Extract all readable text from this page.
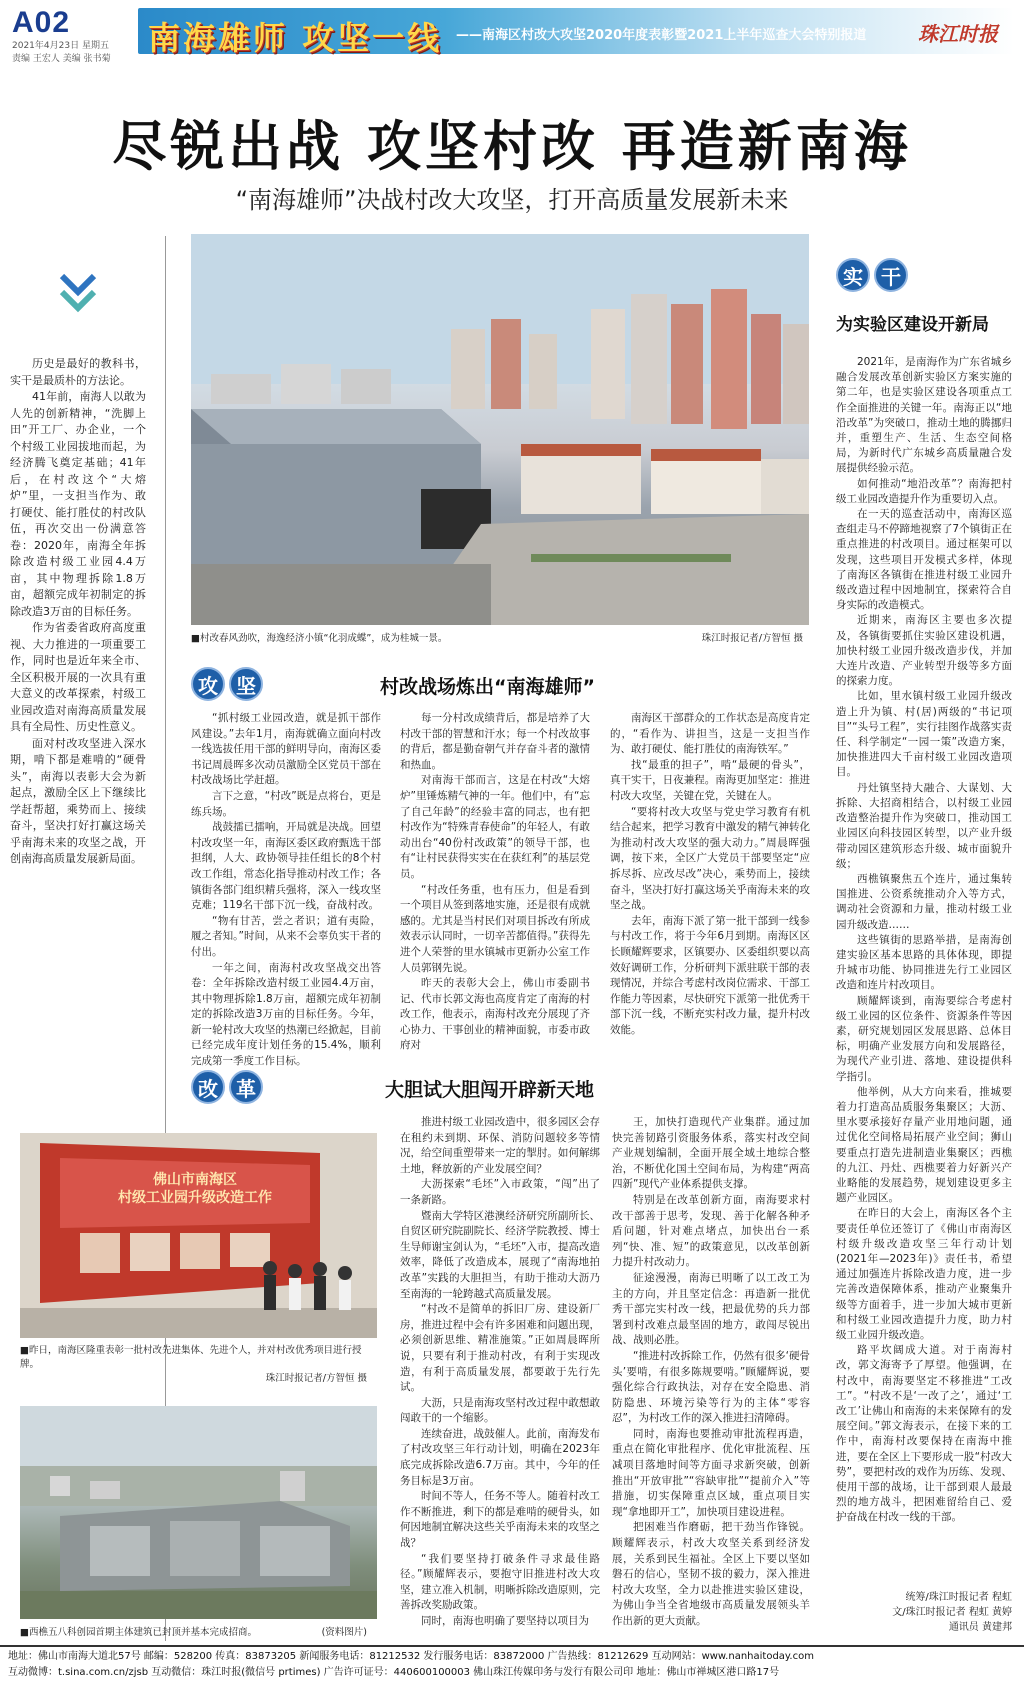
A02
2021年4月23日 星期五
责编 王宏人 美编 张书菊
南海雄师 攻坚一线 ——南海区村改大攻坚2020年度表彰暨2021上半年巡查大会特别报道	珠江时报
尽锐出战 攻坚村改 再造新南海
“南海雄师”决战村改大攻坚，打开高质量发展新未来

历史是最好的教科书，实干是最质朴的方法论。

41年前，南海人以敢为人先的创新精神，“洗脚上田”开工厂、办企业，一个个村级工业园拔地而起，为经济腾飞奠定基础；41年后，在村改这个“大熔炉”里，一支担当作为、敢打硬仗、能打胜仗的村改队伍，再次交出一份满意答卷：2020年，南海全年拆除改造村级工业园4.4万亩，其中物理拆除1.8万亩，超额完成年初制定的拆除改造3万亩的目标任务。

作为省委省政府高度重视、大力推进的一项重要工作，同时也是近年来全市、全区积极开展的一次具有重大意义的改革探索，村级工业园改造对南海高质量发展具有全局性、历史性意义。

面对村改攻坚进入深水期，啃下都是难啃的“硬骨头”，南海以表彰大会为新起点，激励全区上下继续比学赶帮超，乘势而上、接续奋斗，坚决打好打赢这场关乎南海未来的攻坚之战，开创南海高质量发展新局面。

■村改春风劲吹，海逸经济小镇“化羽成蝶”，成为桂城一景。	珠江时报记者/方智恒 摄
攻 坚	村改战场炼出“南海雄师”

“抓村级工业园改造，就是抓干部作风建设。”去年1月，南海就确立面向村改一线选拔任用干部的鲜明导向，南海区委书记周晨晖多次动员激励全区党员干部在村改战场比学赶超。

言下之意，“村改”既是点将台，更是练兵场。

战鼓擂已擂响，开局就是决战。回望村改攻坚一年，南海区委区政府甄选干部担纲，人大、政协领导挂任组长的8个村改工作组，常态化指导推动村改工作；各镇街各部门组织精兵强将，深入一线攻坚克难；119名干部下沉一线，奋战村改。

“物有甘苦，尝之者识；道有夷险，履之者知。”时间，从来不会辜负实干者的付出。

一年之间，南海村改攻坚战交出答卷：全年拆除改造村级工业园4.4万亩，其中物理拆除1.8万亩，超额完成年初制定的拆除改造3万亩的目标任务。今年，新一轮村改大攻坚的热潮已经掀起，目前已经完成年度计划任务的15.4%，顺利完成第一季度工作目标。

每一分村改成绩背后，都是培养了大村改干部的智慧和汗水；每一个村改故事的背后，都是勤奋朝气并存奋斗者的激情和热血。

对南海干部而言，这是在村改“大熔炉”里锤炼精气神的一年。他们中，有“忘了自己年龄”的经验丰富的同志，也有把村改作为“特殊青春使命”的年轻人，有敢动出台“40份村改政策”的领导干部，也有“让村民获得实实在在获红利”的基层党员。

“村改任务重，也有压力，但是看到一个项目从签到落地实施，还是很有成就感的。尤其是当村民们对项目拆改有所成效表示认同时，一切辛苦都值得。”获得先进个人荣誉的里水镇城市更新办公室工作人员郭钢先说。

昨天的表彰大会上，佛山市委副书记、代市长郭文海也高度肯定了南海的村改工作，他表示，南海村改充分展现了齐心协力、干事创业的精神面貌，市委市政府对

南海区干部群众的工作状态是高度肯定的，“看作为、讲担当，这是一支担当作为、敢打硬仗、能打胜仗的南海铁军。”

找“最重的担子”，啃“最硬的骨头”，真干实干，日夜兼程。南海更加坚定：推进村改大攻坚，关键在党，关键在人。

“要将村改大攻坚与党史学习教育有机结合起来，把学习教育中激发的精气神转化为推动村改大攻坚的强大动力。”周晨晖强调，按下来，全区广大党员干部要坚定“应拆尽拆、应改尽改”决心，乘势而上，接续奋斗，坚决打好打赢这场关乎南海未来的攻坚之战。

去年，南海下派了第一批干部到一线参与村改工作，将于今年6月到期。南海区区长顾耀辉要求，区镇要办、区委组织要以高效好调研工作，分析研判下派驻联干部的表现情况，并综合考虑村改岗位需求、干部工作能力等因素，尽快研究下派第一批优秀干部下沉一线，不断充实村改力量，提升村改效能。

改 革	大胆试大胆闯开辟新天地

推进村级工业园改造中，很多园区会存在租约未到期、环保、消防问题较多等情况，给空间重塑带来一定的掣肘。如何解绑土地，释放新的产业发展空间？

大沥探索“毛坯”入市政策，“闯”出了一条新路。

暨南大学特区港澳经济研究所副所长、自贸区研究院副院长、经济学院教授、博士生导师谢宝剑认为，“毛坯”入市，提高改造效率，降低了改造成本，展现了“南海地拍改革”实践的大胆担当，有助于推动大沥乃至南海的一轮跨越式高质量发展。

“村改不是简单的拆旧厂房、建设新厂房，推进过程中会有许多困难和问题出现，必须创新思维、精准施策。”正如周晨晖所说，只要有利于推动村改，有利于实现改造，有利于高质量发展，都要敢于先行先试。

大沥，只是南海攻坚村改过程中敢想敢闯敢干的一个缩影。

连续奋进，战鼓催人。此前，南海发布了村改攻坚三年行动计划，明确在2023年底完成拆除改造6.7万亩。其中，今年的任务目标是3万亩。

时间不等人，任务不等人。随着村改工作不断推进，剩下的都是难啃的硬骨头，如何因地制宜解决这些关乎南海未来的攻坚之战？

“我们要坚持打破条件寻求最佳路径。”顾耀辉表示，要抱守旧推进村改大攻坚，建立准入机制，明晰拆除改造原则，完善拆改奖励政策。

同时，南海也明确了要坚持以项目为

王，加快打造现代产业集群。通过加快完善韧路引资服务体系，落实村改空间产业规划编制，全面开展全域土地综合整治，不断优化国土空间布局，为构建“两高四新”现代产业体系提供支撑。

特别是在改革创新方面，南海要求村改干部善于思考，发现、善于化解各种矛盾问题，针对难点堵点，加快出台一系列“快、准、短”的政策意见，以改革创新力提升村改动力。

征途漫漫，南海已明晰了以工改工为主的方向，并且坚定信念：再造新一批优秀干部完实村改一线，把最优势的兵力部署到村改难点最坚固的地方，敢闯尽锐出战、战则必胜。

“推进村改拆除工作，仍然有很多‘硬骨头’要啃，有很多陈规要啃。”顾耀辉说，要强化综合行政执法，对存在安全隐患、消防隐患、环境污染等行为的主体“零容忍”，为村改工作的深入推进扫清障碍。

同时，南海也要推动审批流程再造，重点在简化审批程序、优化审批流程、压减项目落地时间等方面寻求新突破，创新推出“开放审批”“容缺审批”“提前介入”等措施，切实保障重点区域，重点项目实现“拿地即开工”，加快项目建设进程。

把困难当作磨砺，把干劲当作锋锐。顾耀辉表示，村改大攻坚关系到经济发展，关系到民生福祉。全区上下要以坚如磐石的信心，坚韧不拔的毅力，深入推进村改大攻坚，全力以赴推进实验区建设，为佛山争当全省地级市高质量发展领头羊作出新的更大贡献。

佛山市南海区
村级工业园升级改造工作
■昨日，南海区隆重表彰一批村改先进集体、先进个人，并对村改优秀项目进行授牌。
珠江时报记者/方智恒 摄
■西樵五八科创园首期主体建筑已封顶并基本完成招商。	(资料图片)
实 干
为实验区建设开新局

2021年，是南海作为广东省城乡融合发展改革创新实验区方案实施的第二年，也是实验区建设各项重点工作全面推进的关键一年。南海正以“地沿改革”为突破口，推动土地的腾挪归并，重塑生产、生活、生态空间格局，为新时代广东城乡高质量融合发展提供经验示范。

如何推动“地沿改革”？南海把村级工业园改造提升作为重要切入点。

在一天的巡查活动中，南海区巡查组走马不停蹄地视察了7个镇街正在重点推进的村改项目。通过框架可以发现，这些项目开发模式多样，体现了南海区各镇街在推进村级工业园升级改造过程中因地制宜，探索符合自身实际的改造模式。

近期来，南海区主要也多次提及，各镇街要抓住实验区建设机遇，加快村级工业园升级改造步伐，并加大连片改造、产业转型升级等多方面的探索力度。

比如，里水镇村级工业园升级改造上升为镇、村(居)两级的“书记项目”“头号工程”，实行挂图作战落实责任、科学制定“一园一策”改造方案，加快推进四大千亩村级工业园改造项目。

丹灶镇坚持大融合、大谋划、大拆除、大招商相结合，以村级工业园改造整治提升作为突破口，推动国工业园区向科技园区转型，以产业升级带动园区建筑形态升级、城市面貌升级；

西樵镇聚焦五个连片，通过集转国推进、公资系统推动介入等方式，调动社会资源和力量，推动村级工业园升级改造……

这些镇街的思路举措，是南海创建实验区基本思路的具体体现，即提升城市功能、协同推进先行工业园区改造和连片村改项目。

顾耀辉谈到，南海要综合考虑村级工业园的区位条件、资源条件等因素，研究规划园区发展思路、总体目标，明确产业发展方向和发展路径，为现代产业引进、落地、建设提供科学指引。

他举例，从大方向来看，推城要着力打造高品质服务集聚区；大沥、里水要承接好存量产业用地问题，通过优化空间格局拓展产业空间；狮山要重点打造先进制造业集聚区；西樵的九江、丹灶、西樵要着力好新兴产业略能的发展趋势，规划建设更多主题产业园区。

在昨日的大会上，南海区各个主要责任单位还签订了《佛山市南海区村级升级改造攻坚三年行动计划(2021年—2023年)》责任书，希望通过加强连片拆除改造力度，进一步完善改造保障体系，推动产业聚集升级等方面着手，进一步加大城市更新和村级工业园改造提升力度，助力村级工业园升级改造。

路平坎阔成大道。对于南海村改，郭文海寄予了厚望。他强调，在村改中，南海要坚定不移推进“工改工”。“村改不是‘一改了之’，通过‘工改工’让佛山和南海的未来保障有的发展空间。”郭文海表示，在接下来的工作中，南海村改要保持在南海中推进，要在全区上下要形成一股“村改大势”，要把村改的戏作为历练、发现、使用干部的战场，让干部到艰人最最烈的地方战斗，把困难留给自己、爱护奋战在村改一线的干部。

统筹/珠江时报记者 程虹
文/珠江时报记者 程虹 黄婷
通讯员 黄建邦
地址：佛山市南海大道北57号 邮编：528200 传真：83873205 新闻服务电话：81212532 发行服务电话：83872000 广告热线：81212629 互动网站：www.nanhaitoday.com
互动微博：t.sina.com.cn/zjsb 互动微信：珠江时报(微信号 prtimes) 广告许可证号：440600100003 佛山珠江传媒印务与发行有限公司印 地址：佛山市禅城区港口路17号
